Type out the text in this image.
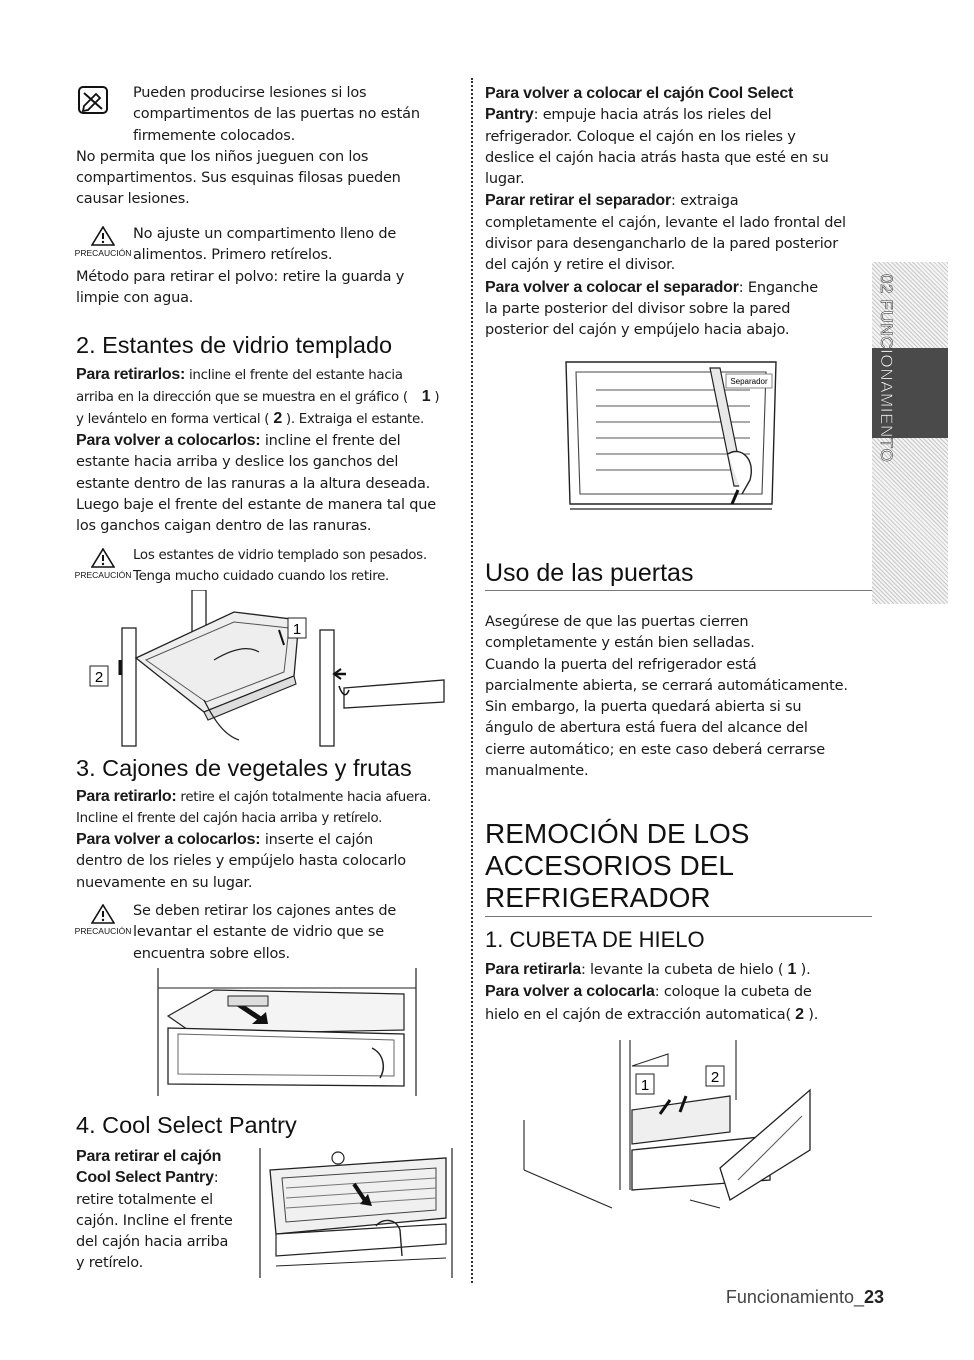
02 FUNCIONAMIENTO
Pueden producirse lesiones si los
compartimentos de las puertas no están
firmemente colocados.
No permita que los niños jueguen con los
compartimentos. Sus esquinas filosas pueden
causar lesiones.
PRECAUCIÓN
No ajuste un compartimento lleno de
alimentos. Primero retírelos.
Método para retirar el polvo: retire la guarda y
limpie con agua.
2. Estantes de vidrio templado
Para retirarlos: incline el frente del estante hacia
arriba en la dirección que se muestra en el gráfico ( 1 )
y levántelo en forma vertical ( 2 ). Extraiga el estante.
Para volver a colocarlos: incline el frente del
estante hacia arriba y deslice los ganchos del
estante dentro de las ranuras a la altura deseada.
Luego baje el frente del estante de manera tal que
los ganchos caigan dentro de las ranuras.
PRECAUCIÓN
Los estantes de vidrio templado son pesados.
Tenga mucho cuidado cuando los retire.
1
2
3. Cajones de vegetales y frutas
Para retirarlo: retire el cajón totalmente hacia afuera.
Incline el frente del cajón hacia arriba y retírelo.
Para volver a colocarlos: inserte el cajón
dentro de los rieles y empújelo hasta colocarlo
nuevamente en su lugar.
PRECAUCIÓN
Se deben retirar los cajones antes de
levantar el estante de vidrio que se
encuentra sobre ellos.
4. Cool Select Pantry
Para retirar el cajón
Cool Select Pantry:
retire totalmente el
cajón. Incline el frente
del cajón hacia arriba
y retírelo.
Para volver a colocar el cajón Cool Select
Pantry: empuje hacia atrás los rieles del
refrigerador. Coloque el cajón en los rieles y
deslice el cajón hacia atrás hasta que esté en su
lugar.
Parar retirar el separador: extraiga
completamente el cajón, levante el lado frontal del
divisor para desengancharlo de la pared posterior
del cajón y retire el divisor.
Para volver a colocar el separador: Enganche
la parte posterior del divisor sobre la pared
posterior del cajón y empújelo hacia abajo.
Separador
Uso de las puertas
Asegúrese de que las puertas cierren
completamente y están bien selladas.
Cuando la puerta del refrigerador está
parcialmente abierta, se cerrará automáticamente.
Sin embargo, la puerta quedará abierta si su
ángulo de abertura está fuera del alcance del
cierre automático; en este caso deberá cerrarse
manualmente.
REMOCIÓN DE LOS
ACCESORIOS DEL
REFRIGERADOR
1. CUBETA DE HIELO
Para retirarla: levante la cubeta de hielo ( 1 ).
Para volver a colocarla: coloque la cubeta de
hielo en el cajón de extracción automatica( 2 ).
1	2
Funcionamiento_23
